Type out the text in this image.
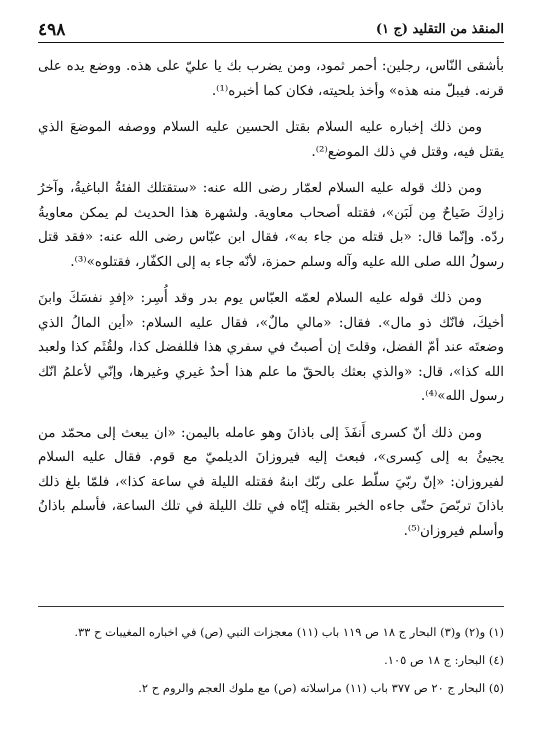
المنقذ من التقليد (ج ١)
٤٩٨

بأشقى النّاس، رجلين: أحمر ثمود، ومن يضرب بك يا عليّ على هذه. ووضع يده على قرنه. فيبلّ منه هذه» وأخذ بلحيته، فكان كما أخبره⁽¹⁾.

ومن ذلك إخباره عليه السلام بقتل الحسين عليه السلام ووصفه الموضعَ الذي يقتل فيه، وقتل في ذلك الموضع⁽²⁾.

ومن ذلك قوله عليه السلام لعمّار رضى الله عنه: «ستقتلك الفئةُ الباغيةُ، وآخرُ زادِكَ ضَياحٌ مِن لَبَن»، فقتله أصحاب معاوية. ولشهرة هذا الحديث لم يمكن معاويةُ ردّه. وإنّما قال: «بل قتله من جاء به»، فقال ابن عبّاس رضى الله عنه: «فقد قتل رسولُ الله صلى الله عليه وآله وسلم حمزة، لأنّه جاء به إلى الكفّار، فقتلوه»⁽³⁾.

ومن ذلك قوله عليه السلام لعمّه العبّاس يوم بدر وقد أُسِر: «إفدِ نفسَكَ وابنَ أخيكَ، فانّك ذو مال». فقال: «مالي مالٌ»، فقال عليه السلام: «أين المالُ الذي وضعتَه عند أمّ الفضل، وقلتَ إن أصبتُ في سفري هذا فللفضل كذا، ولقُثَم كذا ولعبد الله كذا»، قال: «والذي بعثك بالحقّ ما علم هذا أحدٌ غيري وغيرها، وإنّي لأعلمُ انّك رسول الله»⁽⁴⁾.

ومن ذلك أنّ كسرى أَنفَذَ إلى باذانَ وهو عامله باليمن: «ان يبعث إلى محمّد من يجيئُ به إلى كِسرى»، فبعث إليه فيروزانَ الديلميّ مع قوم. فقال عليه السلام لفيروزان: «إنّ ربّيَ سلّط على ربّك ابنهُ فقتله الليلة في ساعة كذا»، فلمّا بلغ ذلك باذانَ تربّصَ حتّى جاءه الخبر بقتله إيّاه في تلك الليلة في تلك الساعة، فأسلم باذانُ وأسلم فيروزان⁽⁵⁾.

(١) و(٢) و(٣) البحار ج ١٨ ص ١١٩ باب (١١) معجزات النبي (ص) في اخباره المغيبات ح ٣٣.
(٤) البحار: ج ١٨ ص ١٠٥.
(٥) البحار ج ٢٠ ص ٣٧٧ باب (١١) مراسلاته (ص) مع ملوك العجم والروم ح ٢.
